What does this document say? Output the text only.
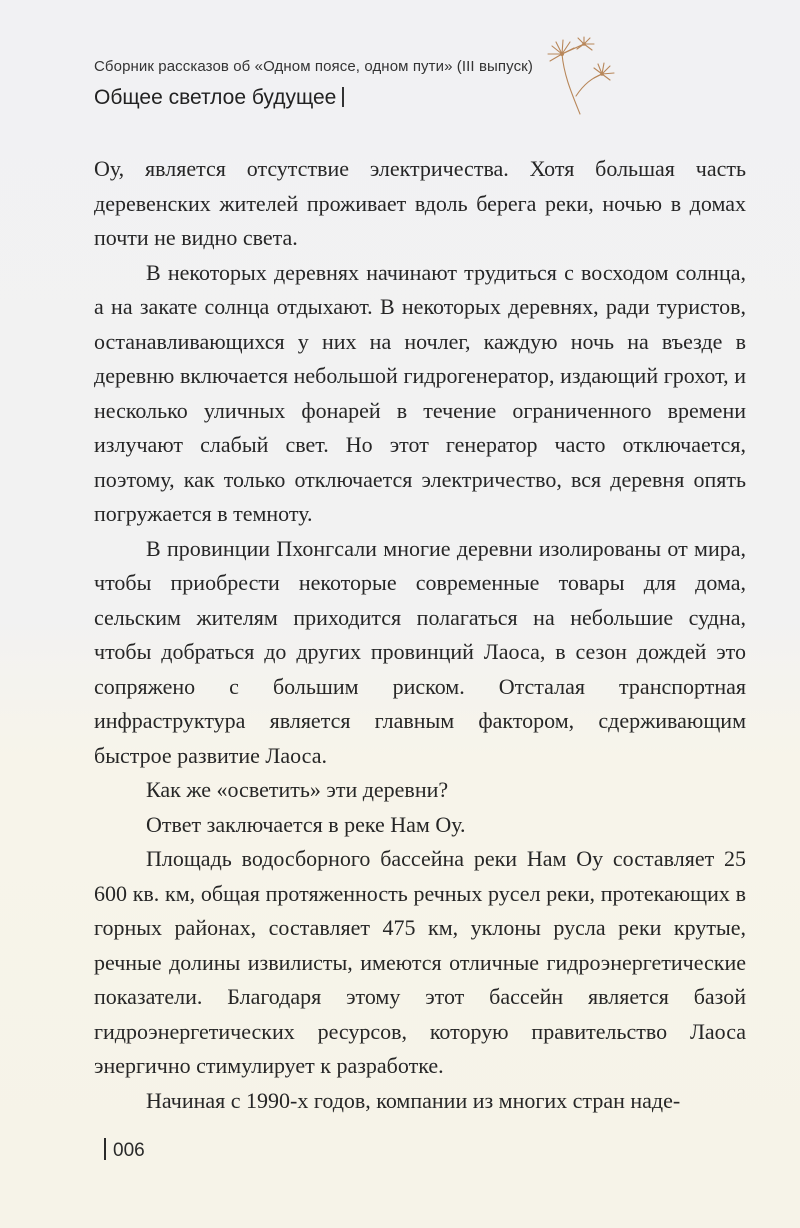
Сборник рассказов об «Одном поясе, одном пути» (III выпуск)
Общее светлое будущее

Оу, является отсутствие электричества. Хотя большая часть деревенских жителей проживает вдоль берега реки, ночью в домах почти не видно света.

В некоторых деревнях начинают трудиться с восходом солнца, а на закате солнца отдыхают. В некоторых деревнях, ради туристов, останавливающихся у них на ночлег, каждую ночь на въезде в деревню включается небольшой гидрогенератор, издающий грохот, и несколько уличных фонарей в течение ограниченного времени излучают слабый свет. Но этот генератор часто отключается, поэтому, как только отключается электричество, вся деревня опять погружается в темноту.

В провинции Пхонгсали многие деревни изолированы от мира, чтобы приобрести некоторые современные товары для дома, сельским жителям приходится полагаться на небольшие судна, чтобы добраться до других провинций Лаоса, в сезон дождей это сопряжено с большим риском. Отсталая транспортная инфраструктура является главным фактором, сдерживающим быстрое развитие Лаоса.

Как же «осветить» эти деревни?

Ответ заключается в реке Нам Оу.

Площадь водосборного бассейна реки Нам Оу составляет 25 600 кв. км, общая протяженность речных русел реки, протекающих в горных районах, составляет 475 км, уклоны русла реки крутые, речные долины извилисты, имеются отличные гидроэнергетические показатели. Благодаря этому этот бассейн является базой гидроэнергетических ресурсов, которую правительство Лаоса энергично стимулирует к разработке.

Начиная с 1990-х годов, компании из многих стран наде-

006
